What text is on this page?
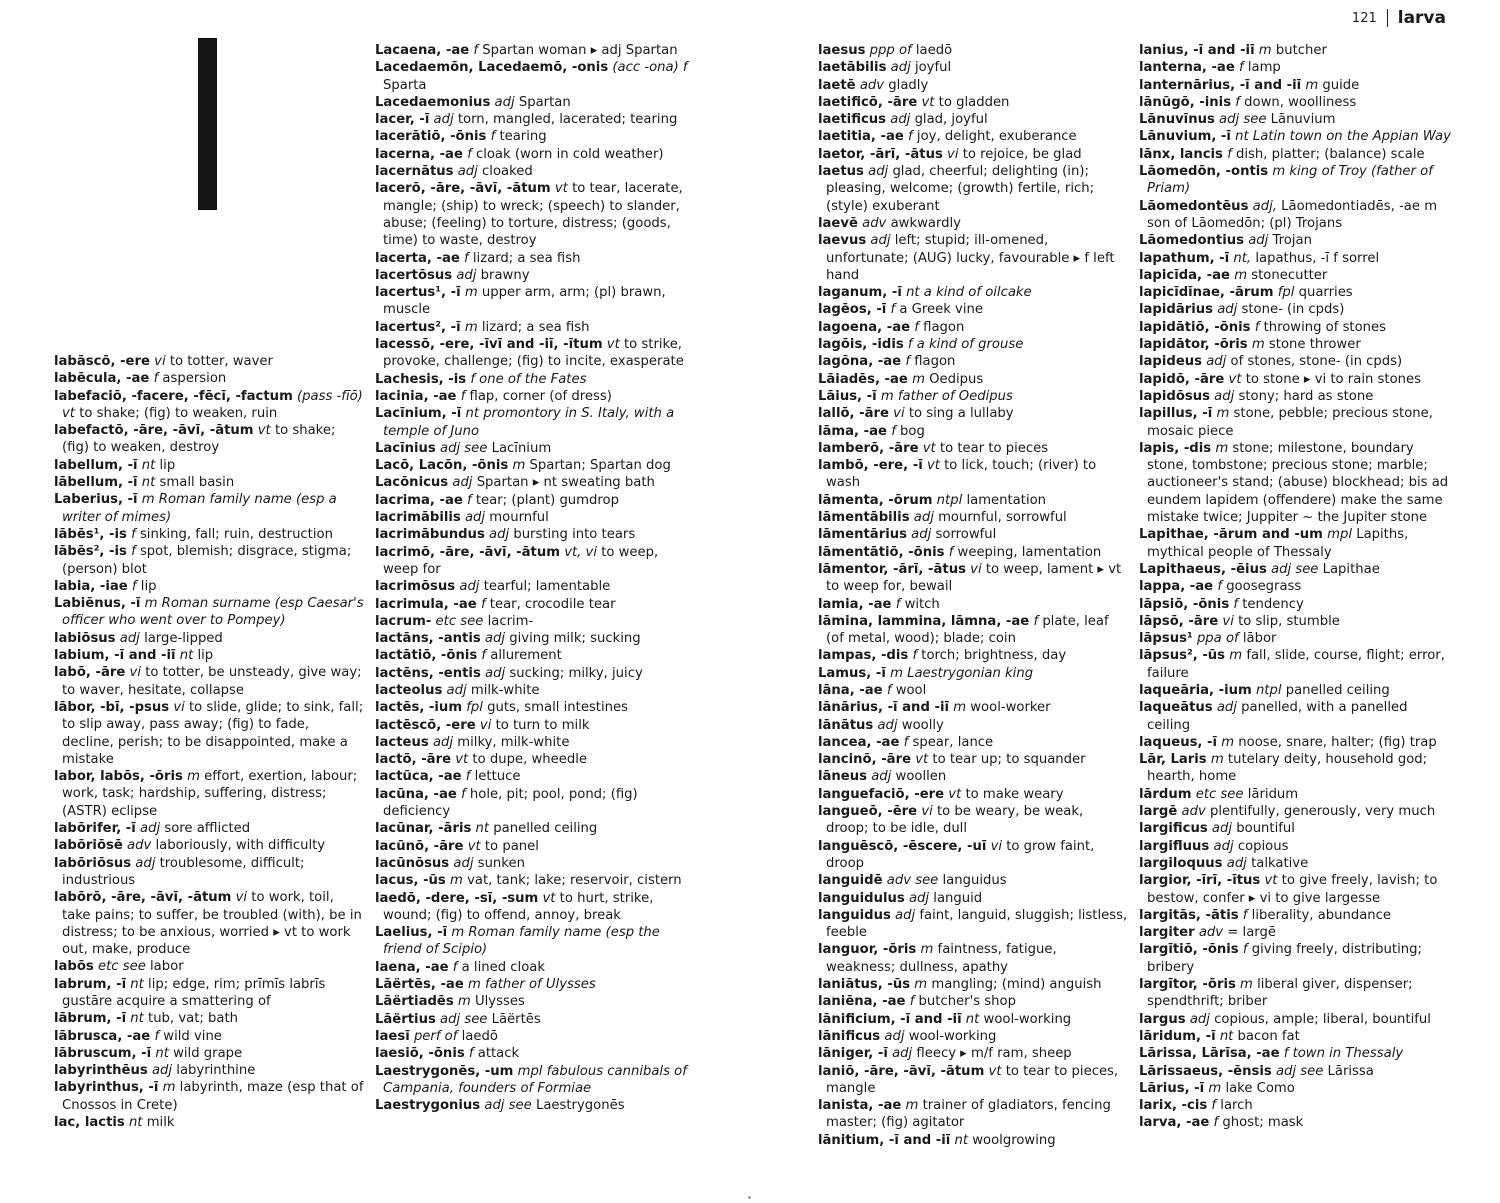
121 larva
labāscō, -ere vi to totter, waver
labēcula, -ae f aspersion
labefaciō, -facere, -fēcī, -factum (pass -fīō) vt to shake; (fig) to weaken, ruin
labefactō, -āre, -āvī, -ātum vt to shake; (fig) to weaken, destroy
labellum, -ī nt lip
lābellum, -ī nt small basin
Laberius, -ī m Roman family name (esp a writer of mimes)
lābēs¹, -is f sinking, fall; ruin, destruction
lābēs², -is f spot, blemish; disgrace, stigma; (person) blot
labia, -iae f lip
Labiēnus, -ī m Roman surname (esp Caesar's officer who went over to Pompey)
labiōsus adj large-lipped
labium, -ī and -iī nt lip
labō, -āre vi to totter, be unsteady, give way; to waver, hesitate, collapse
lābor, -bī, -psus vi to slide, glide; to sink, fall; to slip away, pass away; (fig) to fade, decline, perish; to be disappointed, make a mistake
labor, labōs, -ōris m effort, exertion, labour; work, task; hardship, suffering, distress; (ASTR) eclipse
labōrifer, -ī adj sore afflicted
labōriōsē adv laboriously, with difficulty
labōriōsus adj troublesome, difficult; industrious
labōrō, -āre, -āvī, -ātum vi to work, toil, take pains; to suffer, be troubled (with), be in distress; to be anxious, worried ▸ vt to work out, make, produce
labōs etc see labor
labrum, -ī nt lip; edge, rim; prīmīs labrīs gustāre acquire a smattering of
lābrum, -ī nt tub, vat; bath
lābrusca, -ae f wild vine
lābruscum, -ī nt wild grape
labyrinthēus adj labyrinthine
labyrinthus, -ī m labyrinth, maze (esp that of Cnossos in Crete)
lac, lactis nt milk
Lacaena, -ae f Spartan woman ▸ adj Spartan
Lacedaemōn, Lacedaemō, -onis (acc -ona) f Sparta
Lacedaemonius adj Spartan
lacer, -ī adj torn, mangled, lacerated; tearing
lacerātiō, -ōnis f tearing
lacerna, -ae f cloak (worn in cold weather)
lacernātus adj cloaked
lacerō, -āre, -āvī, -ātum vt to tear, lacerate, mangle; (ship) to wreck; (speech) to slander, abuse; (feeling) to torture, distress; (goods, time) to waste, destroy
lacerta, -ae f lizard; a sea fish
lacertōsus adj brawny
lacertus¹, -ī m upper arm, arm; (pl) brawn, muscle
lacertus², -ī m lizard; a sea fish
lacessō, -ere, -īvī and -iī, -ītum vt to strike, provoke, challenge; (fig) to incite, exasperate
Lachesis, -is f one of the Fates
lacinia, -ae f flap, corner (of dress)
Lacīnium, -ī nt promontory in S. Italy, with a temple of Juno
Lacīnius adj see Lacīnium
Lacō, Lacōn, -ōnis m Spartan; Spartan dog
Lacōnicus adj Spartan ▸ nt sweating bath
lacrima, -ae f tear; (plant) gumdrop
lacrimābilis adj mournful
lacrimābundus adj bursting into tears
lacrimō, -āre, -āvī, -ātum vt, vi to weep, weep for
lacrimōsus adj tearful; lamentable
lacrimula, -ae f tear, crocodile tear
lacrum- etc see lacrim-
lactāns, -antis adj giving milk; sucking
lactātiō, -ōnis f allurement
lactēns, -entis adj sucking; milky, juicy
lacteolus adj milk-white
lactēs, -ium fpl guts, small intestines
lactēscō, -ere vi to turn to milk
lacteus adj milky, milk-white
lactō, -āre vt to dupe, wheedle
lactūca, -ae f lettuce
lacūna, -ae f hole, pit; pool, pond; (fig) deficiency
lacūnar, -āris nt panelled ceiling
lacūnō, -āre vt to panel
lacūnōsus adj sunken
lacus, -ūs m vat, tank; lake; reservoir, cistern
laedō, -dere, -sī, -sum vt to hurt, strike, wound; (fig) to offend, annoy, break
Laelius, -ī m Roman family name (esp the friend of Scipio)
laena, -ae f a lined cloak
Lāërtēs, -ae m father of Ulysses
Lāërtiadēs m Ulysses
Lāërtius adj see Lāërtēs
laesī perf of laedō
laesiō, -ōnis f attack
Laestrygonēs, -um mpl fabulous cannibals of Campania, founders of Formiae
Laestrygonius adj see Laestrygonēs
laesus ppp of laedō
laetābilis adj joyful
laetē adv gladly
laetificō, -āre vt to gladden
laetificus adj glad, joyful
laetitia, -ae f joy, delight, exuberance
laetor, -ārī, -ātus vi to rejoice, be glad
laetus adj glad, cheerful; delighting (in); pleasing, welcome; (growth) fertile, rich; (style) exuberant
laevē adv awkwardly
laevus adj left; stupid; ill-omened, unfortunate; (AUG) lucky, favourable ▸ f left hand
laganum, -ī nt a kind of oilcake
lagēos, -ī f a Greek vine
lagoena, -ae f flagon
lagōis, -idis f a kind of grouse
lagōna, -ae f flagon
Lāiadēs, -ae m Oedipus
Lāius, -ī m father of Oedipus
lallō, -āre vi to sing a lullaby
lāma, -ae f bog
lamberō, -āre vt to tear to pieces
lambō, -ere, -ī vt to lick, touch; (river) to wash
lāmenta, -ōrum ntpl lamentation
lāmentābilis adj mournful, sorrowful
lāmentārius adj sorrowful
lāmentātiō, -ōnis f weeping, lamentation
lāmentor, -ārī, -ātus vi to weep, lament ▸ vt to weep for, bewail
lamia, -ae f witch
lāmina, lammina, lāmna, -ae f plate, leaf (of metal, wood); blade; coin
lampas, -dis f torch; brightness, day
Lamus, -ī m Laestrygonian king
lāna, -ae f wool
lānārius, -ī and -iī m wool-worker
lānātus adj woolly
lancea, -ae f spear, lance
lancinō, -āre vt to tear up; to squander
lāneus adj woollen
languefaciō, -ere vt to make weary
langueō, -ēre vi to be weary, be weak, droop; to be idle, dull
languēscō, -ēscere, -uī vi to grow faint, droop
languidē adv see languidus
languidulus adj languid
languidus adj faint, languid, sluggish; listless, feeble
languor, -ōris m faintness, fatigue, weakness; dullness, apathy
laniātus, -ūs m mangling; (mind) anguish
laniēna, -ae f butcher's shop
lānificium, -ī and -iī nt wool-working
lānificus adj wool-working
lāniger, -ī adj fleecy ▸ m/f ram, sheep
laniō, -āre, -āvī, -ātum vt to tear to pieces, mangle
lanista, -ae m trainer of gladiators, fencing master; (fig) agitator
lānitium, -ī and -iī nt woolgrowing
lanius, -ī and -iī m butcher
lanterna, -ae f lamp
lanternārius, -ī and -iī m guide
lānūgō, -inis f down, woolliness
Lānuvīnus adj see Lānuvium
Lānuvium, -ī nt Latin town on the Appian Way
lānx, lancis f dish, platter; (balance) scale
Lāomedōn, -ontis m king of Troy (father of Priam)
Lāomedontēus adj, Lāomedontiadēs, -ae m son of Lāomedōn; (pl) Trojans
Lāomedontius adj Trojan
lapathum, -ī nt, lapathus, -ī f sorrel
lapicīda, -ae m stonecutter
lapicīdīnae, -ārum fpl quarries
lapidārius adj stone- (in cpds)
lapidātiō, -ōnis f throwing of stones
lapidātor, -ōris m stone thrower
lapideus adj of stones, stone- (in cpds)
lapidō, -āre vt to stone ▸ vi to rain stones
lapidōsus adj stony; hard as stone
lapillus, -ī m stone, pebble; precious stone, mosaic piece
lapis, -dis m stone; milestone, boundary stone, tombstone; precious stone; marble; auctioneer's stand; (abuse) blockhead; bis ad eundem lapidem (offendere) make the same mistake twice; Juppiter ~ the Jupiter stone
Lapithae, -ārum and -um mpl Lapiths, mythical people of Thessaly
Lapithaeus, -ēius adj see Lapithae
lappa, -ae f goosegrass
lāpsiō, -ōnis f tendency
lāpsō, -āre vi to slip, stumble
lāpsus¹ ppa of lābor
lāpsus², -ūs m fall, slide, course, flight; error, failure
laqueāria, -ium ntpl panelled ceiling
laqueātus adj panelled, with a panelled ceiling
laqueus, -ī m noose, snare, halter; (fig) trap
Lār, Laris m tutelary deity, household god; hearth, home
lārdum etc see lāridum
largē adv plentifully, generously, very much
largificus adj bountiful
largifluus adj copious
largiloquus adj talkative
largior, -īrī, -ītus vt to give freely, lavish; to bestow, confer ▸ vi to give largesse
largitās, -ātis f liberality, abundance
largiter adv = largē
largītiō, -ōnis f giving freely, distributing; bribery
largītor, -ōris m liberal giver, dispenser; spendthrift; briber
largus adj copious, ample; liberal, bountiful
lāridum, -ī nt bacon fat
Lārissa, Lārīsa, -ae f town in Thessaly
Lārissaeus, -ēnsis adj see Lārissa
Lārius, -ī m lake Como
larix, -cis f larch
larva, -ae f ghost; mask
